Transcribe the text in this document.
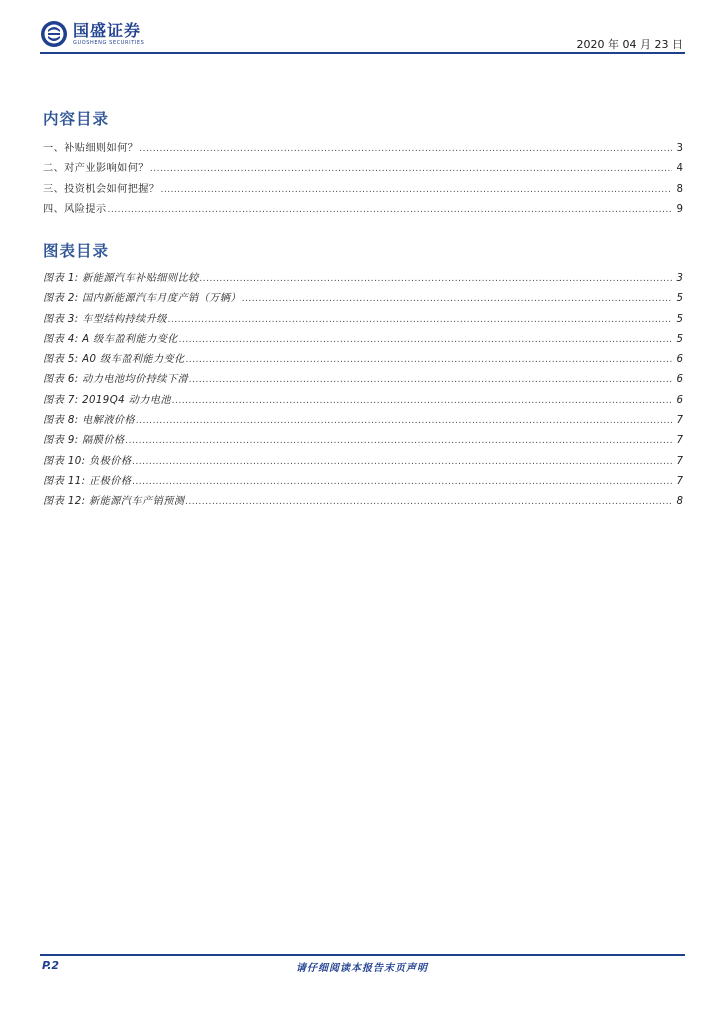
国盛证券
GUOSHENG SECURITIES	2020 年 04 月 23 日
内容目录
一、补贴细则如何？ .....	3
二、对产业影响如何？ .....	4
三、投资机会如何把握？ .....	8
四、风险提示 .....	9
图表目录
图表 1: 新能源汽车补贴细则比较 .....	3
图表 2: 国内新能源汽车月度产销（万辆） .....	5
图表 3: 车型结构持续升级 .....	5
图表 4: A 级车盈利能力变化 .....	5
图表 5: A0 级车盈利能力变化 .....	6
图表 6: 动力电池均价持续下滑 .....	6
图表 7: 2019Q4 动力电池 .....	6
图表 8: 电解液价格 .....	7
图表 9: 隔膜价格 .....	7
图表 10: 负极价格 .....	7
图表 11: 正极价格 .....	7
图表 12: 新能源汽车产销预测 .....	8
请仔细阅读本报告末页声明
P.2
